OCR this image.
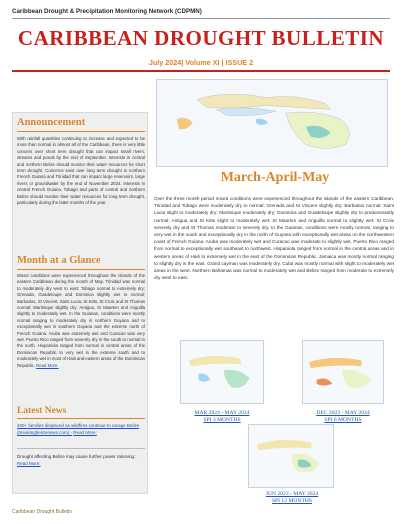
Caribbean Drought & Precipitation Monitoring Network (CDPMN)
CARIBBEAN DROUGHT BULLETIN
July 2024| Volume XI | ISSUE 2
Announcement
With rainfall quantities continuing to increase and expected to be more than normal in almost all of the Caribbean, there is very little concern over short term drought that can impact small rivers, streams and ponds by the end of September. Interests in central and northern Belize should monitor their water resources for short term drought. Concerns exist over long term drought in northern French Guiana and Trinidad that can impact large reservoirs, large rivers or groundwater by the end of November 2024. Interests in central French Guiana, Tobago and parts of central and northern Belize should monitor their water resources for long term drought, particularly during the latter months of the year.
Month at a Glance
Mixed conditions were experienced throughout the islands of the eastern Caribbean during the month of May. Trinidad was normal to moderately dry west to east; Tobago normal to extremely dry; Grenada, Guadeloupe and Dominica slightly wet to normal; Barbados, St Vincent, Saint Lucia, St Kitts, St Croix and St Thomas normal; Martinique slightly dry; Antigua, St Maarten and Anguilla slightly to moderately wet. In the Guianas, conditions were mostly normal ranging to moderately dry in northern Guyana and to exceptionally wet in southern Guyana and the extreme north of French Guiana. Aruba was extremely wet and Curacao was very wet. Puerto Rico ranged from severely dry in the south to normal in the north. Hispaniola ranged from normal in central areas of the Dominican Republic to very wet in the extreme south and to moderately wet in most of Haiti and eastern areas of the Dominican Republic. Read More.
Latest News
400+ families displaced as wildfires continue to ravage Belize (breakingbelizenews.com) - Read More:
Drought affecting Belize may cause further power rationing : Read More:
March-April-May
Over the three month period mixed conditions were experienced throughout the islands of the eastern Caribbean. Trinidad and Tobago were moderately dry to normal; Grenada and St Vincent slightly dry; Barbados normal; Saint Lucia slight to moderately dry; Martinique moderately dry; Dominica and Guadeloupe slightly dry to predominantly normal; Antigua and St Kitts slight to moderately wet; St Maarten and Anguilla normal to slightly wet; St Croix severely dry and St Thomas moderate to severely dry. In the Guianas, conditions were mostly normal, ranging to very wet in the south and exceptionally dry in the north of Guyana with exceptionally wet areas on the northwestern coast of French Guiana. Aruba was moderately wet and Curacao was moderate to slightly wet. Puerto Rico ranged from normal to exceptionally wet southeast to northwest. Hispaniola ranged from normal in the central areas and in western areas of Haiti to extremely wet in the east of the Dominican Republic. Jamaica was mostly normal ranging to slightly dry in the east. Grand cayman was moderately dry. Cuba was mostly normal with slight to moderately wet areas in the west. Northern Bahamas was normal to moderately wet and Belize ranged from moderate to extremely dry west to east.
MAR 2024 - MAY 2024
SPI 3 MONTHS
DEC 2023 - MAY 2024
SPI 6 MONTHS
JUN 2023 - MAY 2024
SPI 12 MONTHS
Caribbean Drought Bulletin
